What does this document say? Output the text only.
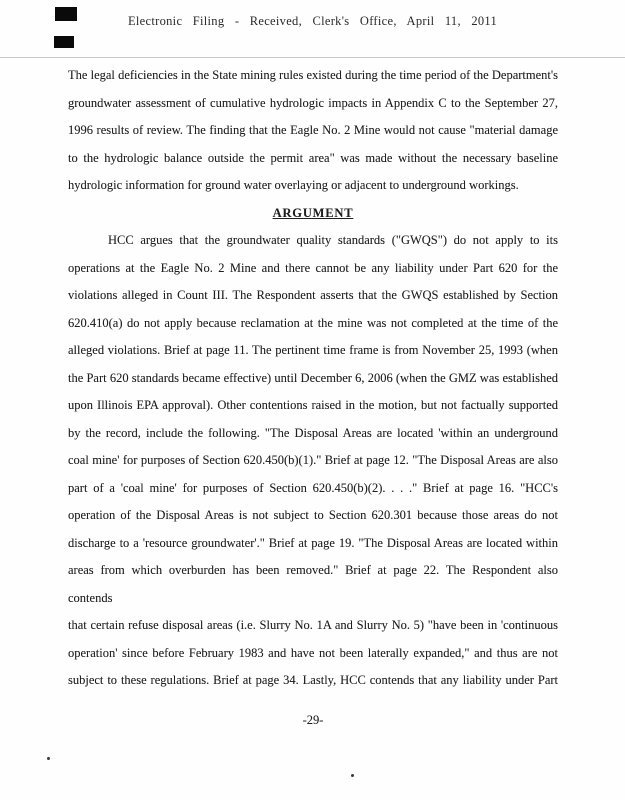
Electronic Filing - Received, Clerk's Office, April 11, 2011
The legal deficiencies in the State mining rules existed during the time period of the Department's
groundwater assessment of cumulative hydrologic impacts in Appendix C to the September 27,
1996 results of review. The finding that the Eagle No. 2 Mine would not cause "material damage
to the hydrologic balance outside the permit area" was made without the necessary baseline
hydrologic information for ground water overlaying or adjacent to underground workings.
ARGUMENT
HCC argues that the groundwater quality standards ("GWQS") do not apply to its
operations at the Eagle No. 2 Mine and there cannot be any liability under Part 620 for the
violations alleged in Count III. The Respondent asserts that the GWQS established by Section
620.410(a) do not apply because reclamation at the mine was not completed at the time of the
alleged violations. Brief at page 11. The pertinent time frame is from November 25, 1993 (when
the Part 620 standards became effective) until December 6, 2006 (when the GMZ was established
upon Illinois EPA approval). Other contentions raised in the motion, but not factually supported
by the record, include the following. "The Disposal Areas are located 'within an underground
coal mine' for purposes of Section 620.450(b)(1)." Brief at page 12. "The Disposal Areas are also
part of a 'coal mine' for purposes of Section 620.450(b)(2). . . ." Brief at page 16. "HCC's
operation of the Disposal Areas is not subject to Section 620.301 because those areas do not
discharge to a 'resource groundwater'." Brief at page 19. "The Disposal Areas are located within
areas from which overburden has been removed." Brief at page 22. The Respondent also contends
that certain refuse disposal areas (i.e. Slurry No. 1A and Slurry No. 5) "have been in 'continuous
operation' since before February 1983 and have not been laterally expanded," and thus are not
subject to these regulations. Brief at page 34. Lastly, HCC contends that any liability under Part
-29-
